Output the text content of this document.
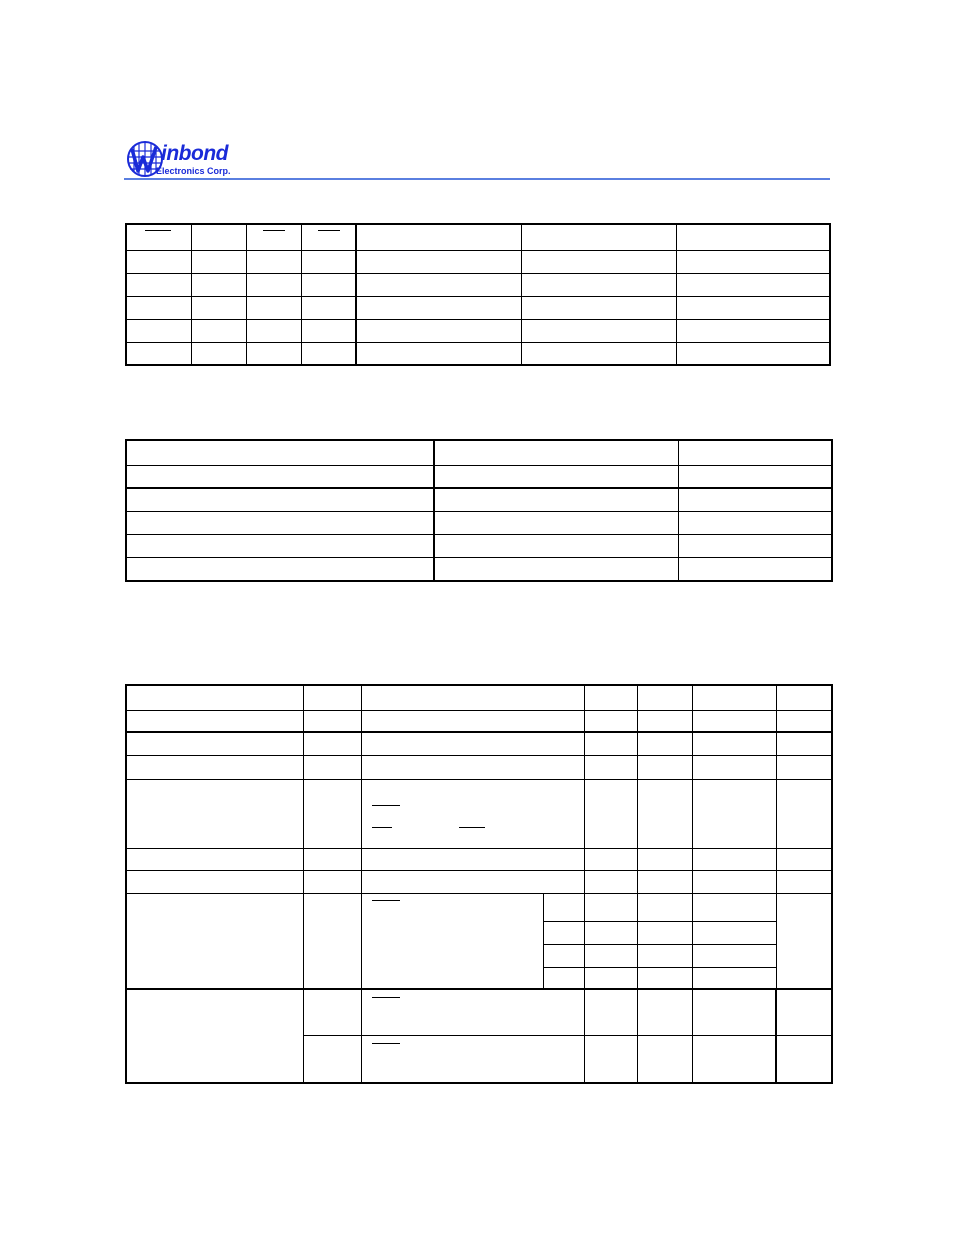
inbond
Electronics Corp.
